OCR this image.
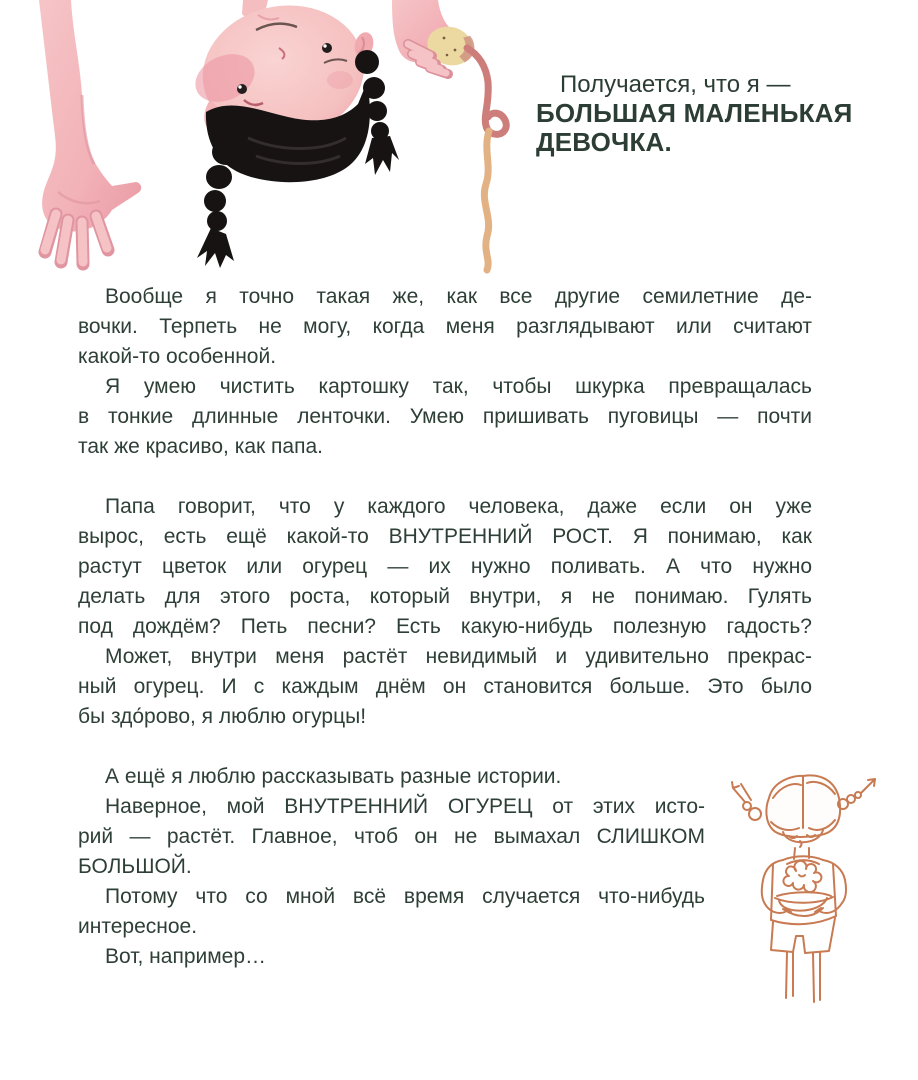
Получается, что я —
БОЛЬШАЯ МАЛЕНЬКАЯ
ДЕВОЧКА.
Вообще я точно такая же, как все другие семилетние де-
вочки. Терпеть не могу, когда меня разглядывают или считают
какой-то особенной.
Я умею чистить картошку так, чтобы шкурка превращалась
в тонкие длинные ленточки. Умею пришивать пуговицы — почти
так же красиво, как папа.
Папа говорит, что у каждого человека, даже если он уже
вырос, есть ещё какой-то ВНУТРЕННИЙ РОСТ. Я понимаю, как
растут цветок или огурец — их нужно поливать. А что нужно
делать для этого роста, который внутри, я не понимаю. Гулять
под дождём? Петь песни? Есть какую-нибудь полезную гадость?
Может, внутри меня растёт невидимый и удивительно прекрас-
ный огурец. И с каждым днём он становится больше. Это было
бы здо́рово, я люблю огурцы!
А ещё я люблю рассказывать разные истории.
Наверное, мой ВНУТРЕННИЙ ОГУРЕЦ от этих исто-
рий — растёт. Главное, чтоб он не вымахал СЛИШКОМ
БОЛЬШОЙ.
Потому что со мной всё время случается что-нибудь
интересное.
Вот, например…
